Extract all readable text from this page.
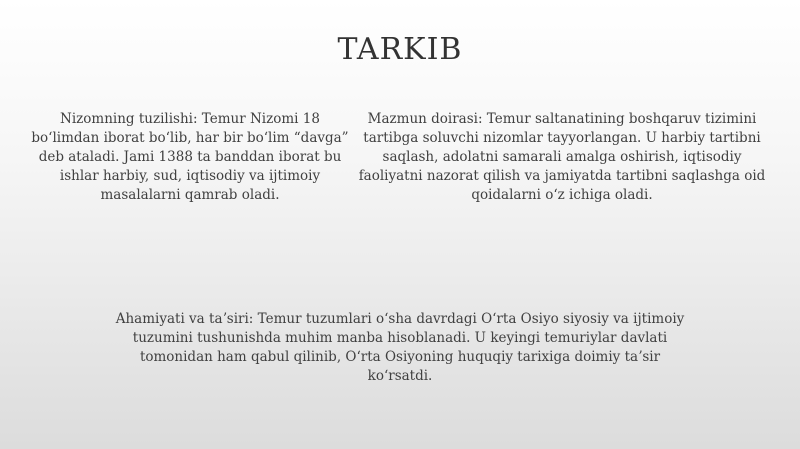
TARKIB

Nizomning tuzilishi: Temur Nizomi 18 boʻlimdan iborat boʻlib, har bir boʻlim “davga” deb ataladi. Jami 1388 ta banddan iborat bu ishlar harbiy, sud, iqtisodiy va ijtimoiy masalalarni qamrab oladi.

Mazmun doirasi: Temur saltanatining boshqaruv tizimini tartibga soluvchi nizomlar tayyorlangan. U harbiy tartibni saqlash, adolatni samarali amalga oshirish, iqtisodiy faoliyatni nazorat qilish va jamiyatda tartibni saqlashga oid qoidalarni oʻz ichiga oladi.

Ahamiyati va taʼsiri: Temur tuzumlari oʻsha davrdagi Oʻrta Osiyo siyosiy va ijtimoiy tuzumini tushunishda muhim manba hisoblanadi. U keyingi temuriylar davlati tomonidan ham qabul qilinib, Oʻrta Osiyoning huquqiy tarixiga doimiy taʼsir koʻrsatdi.
